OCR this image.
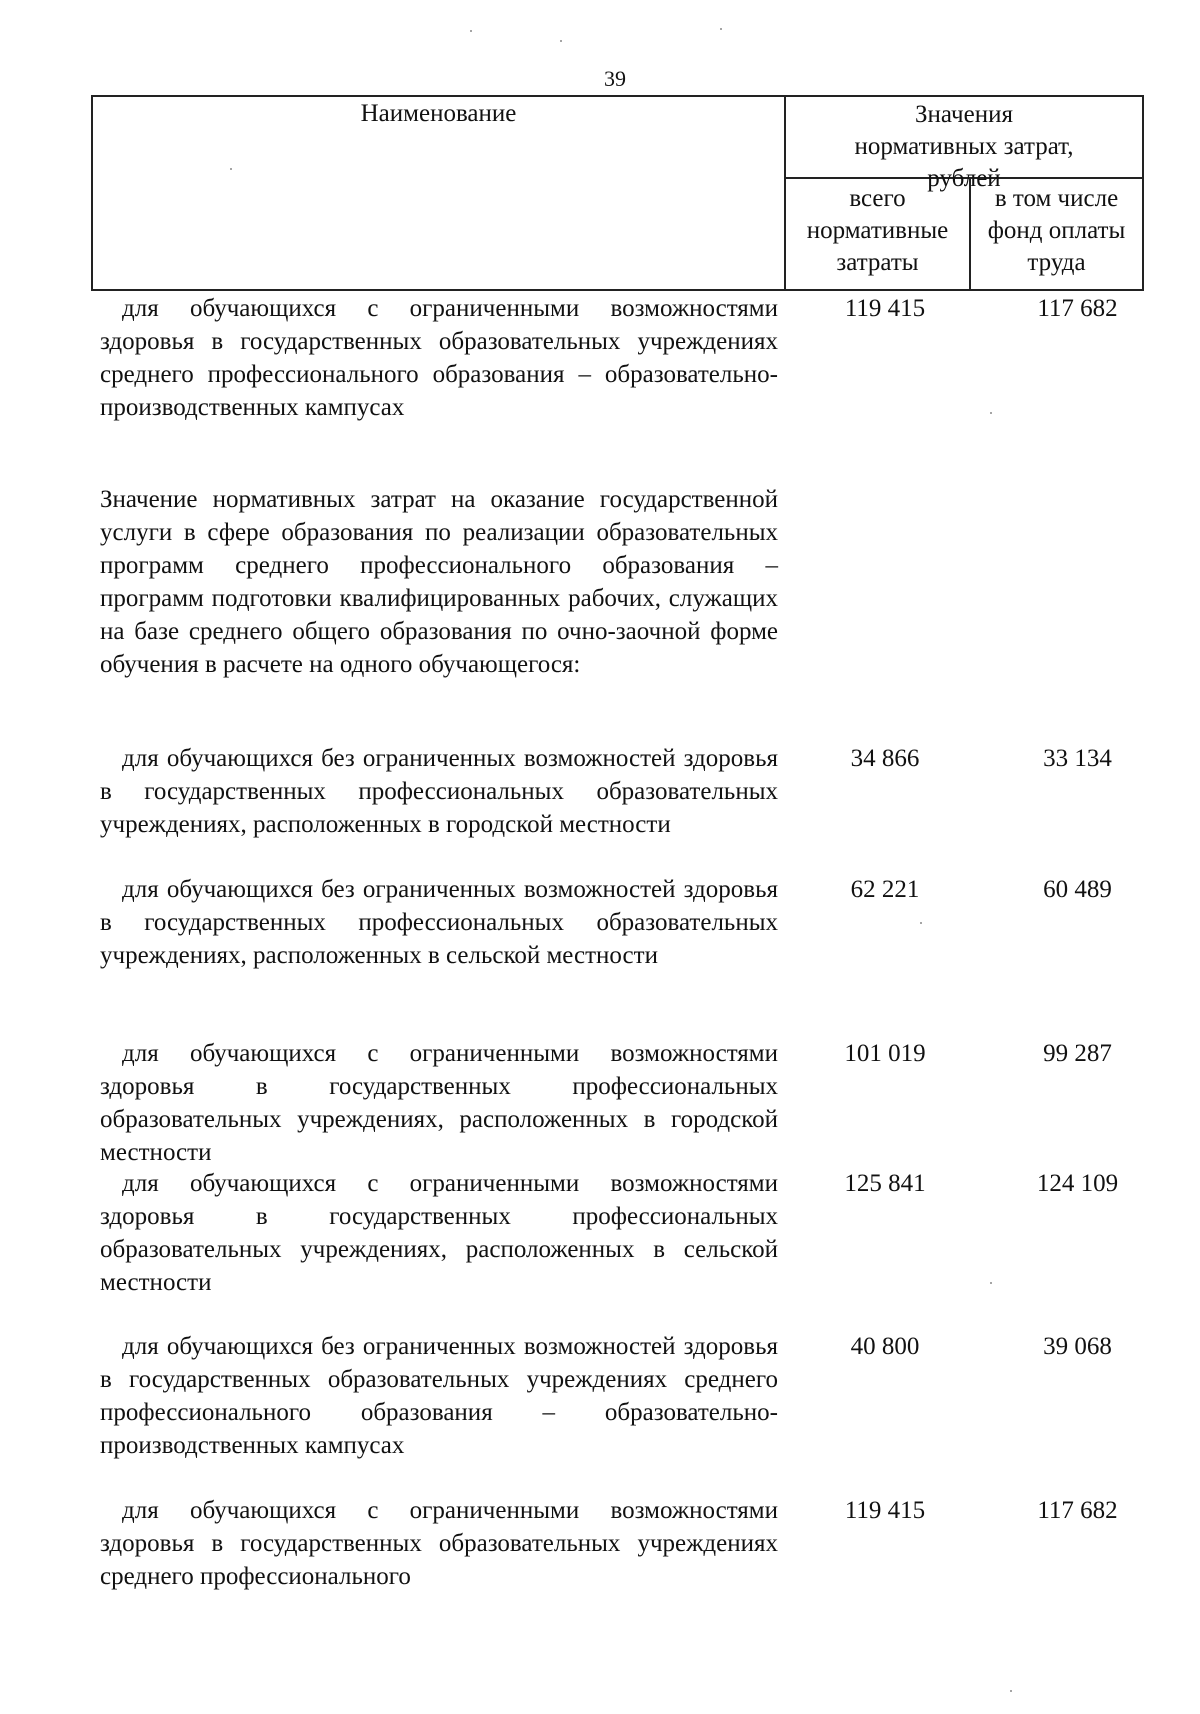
39
Наименование	Значения нормативных затрат, рублей
всего нормативные затраты
в том числе фонд оплаты труда
для обучающихся с ограниченными возможностями здоровья в государственных образовательных учреждениях среднего профессионального образования – образовательно-производственных кампусах
119 415	117 682
Значение нормативных затрат на оказание государственной услуги в сфере образования по реализации образовательных программ среднего профессионального образования – программ подготовки квалифицированных рабочих, служащих на базе среднего общего образования по очно-заочной форме обучения в расчете на одного обучающегося:
для обучающихся без ограниченных возможностей здоровья в государственных профессиональных образовательных учреждениях, расположенных в городской местности
34 866	33 134
для обучающихся без ограниченных возможностей здоровья в государственных профессиональных образовательных учреждениях, расположенных в сельской местности
62 221	60 489
для обучающихся с ограниченными возможностями здоровья в государственных профессиональных образовательных учреждениях, расположенных в городской местности
101 019	99 287
для обучающихся с ограниченными возможностями здоровья в государственных профессиональных образовательных учреждениях, расположенных в сельской местности
125 841	124 109
для обучающихся без ограниченных возможностей здоровья в государственных образовательных учреждениях среднего профессионального образования – образовательно-производственных кампусах
40 800	39 068
для обучающихся с ограниченными возможностями здоровья в государственных образовательных учреждениях среднего профессионального
119 415	117 682
